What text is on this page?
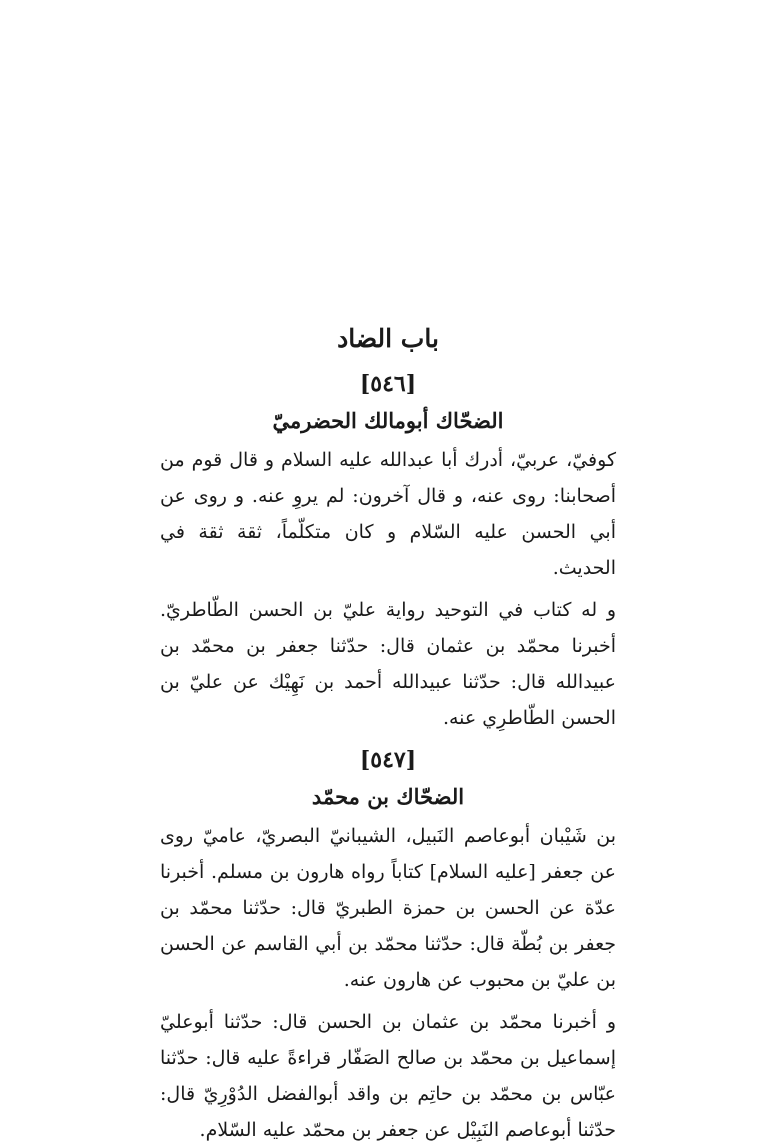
باب الضاد
[٥٤٦]
الضحّاك أبومالك الحضرميّ

كوفيّ، عربيّ، أدرك أبا عبدالله عليه السلام و قال قوم من أصحابنا: روى عنه، و قال آخرون: لم يروِ عنه. و روى عن أبي الحسن عليه السّلام و كان متكلّماً، ثقة ثقة في الحديث.

و له كتاب في التوحيد رواية عليّ بن الحسن الطّاطريّ. أخبرنا محمّد بن عثمان قال: حدّثنا جعفر بن محمّد بن عبيدالله قال: حدّثنا عبيدالله أحمد بن نَهِيْك عن عليّ بن الحسن الطّاطرِي عنه.

[٥٤٧]
الضحّاك بن محمّد

بن شَيْبان أبوعاصم النَبيل، الشيبانيّ البصريّ، عاميّ روى عن جعفر [عليه السلام] كتاباً رواه هارون بن مسلم. أخبرنا عدّة عن الحسن بن حمزة الطبريّ قال: حدّثنا محمّد بن جعفر بن بُطّة قال: حدّثنا محمّد بن أبي القاسم عن الحسن بن عليّ بن محبوب عن هارون عنه.

و أخبرنا محمّد بن عثمان بن الحسن قال: حدّثنا أبوعليّ إسماعيل بن محمّد بن صالح الصَفّار قراءةً عليه قال: حدّثنا عبّاس بن محمّد بن حاتِم بن واقد أبوالفضل الدُوْرِيّ قال: حدّثنا أبوعاصم النَبِيْل عن جعفر بن محمّد عليه السّلام.
